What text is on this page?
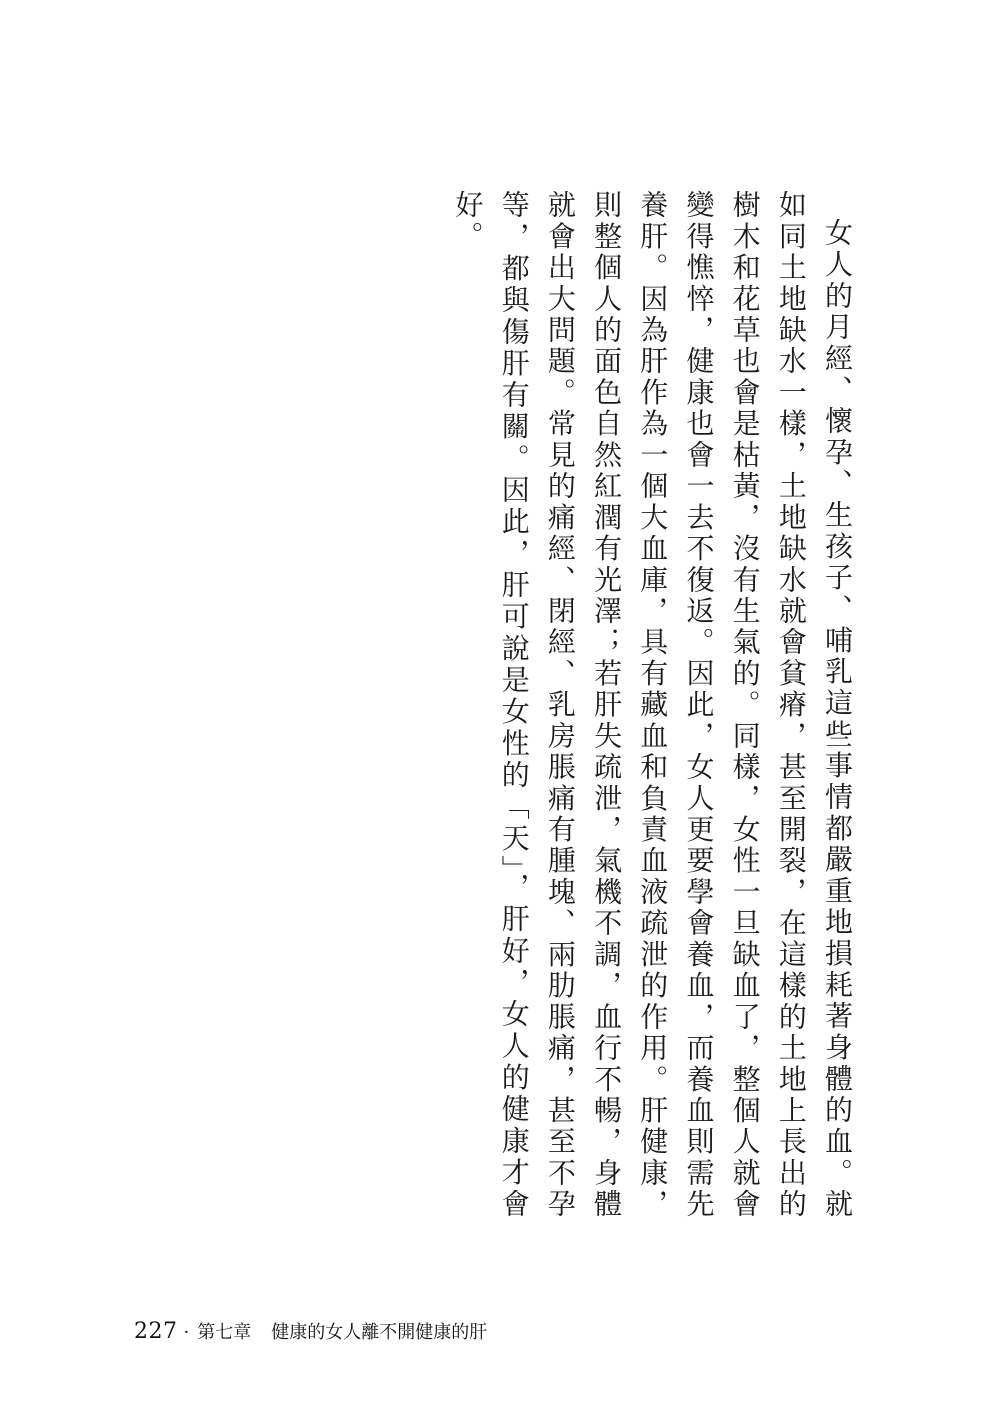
女人的月經、懷孕、生孩子、哺乳這些事情都嚴重地損耗著身體的血。就如同土地缺水一樣，土地缺水就會貧瘠，甚至開裂，在這樣的土地上長出的樹木和花草也會是枯黃，沒有生氣的。同樣，女性一旦缺血了，整個人就會變得憔悴，健康也會一去不復返。因此，女人更要學會養血，而養血則需先養肝。因為肝作為一個大血庫，具有藏血和負責血液疏泄的作用。肝健康，則整個人的面色自然紅潤有光澤；若肝失疏泄，氣機不調，血行不暢，身體就會出大問題。常見的痛經、閉經、乳房脹痛有腫塊、兩肋脹痛，甚至不孕等，都與傷肝有關。因此，肝可說是女性的「天」，肝好，女人的健康才會好。

227 · 第七章 健康的女人離不開健康的肝
